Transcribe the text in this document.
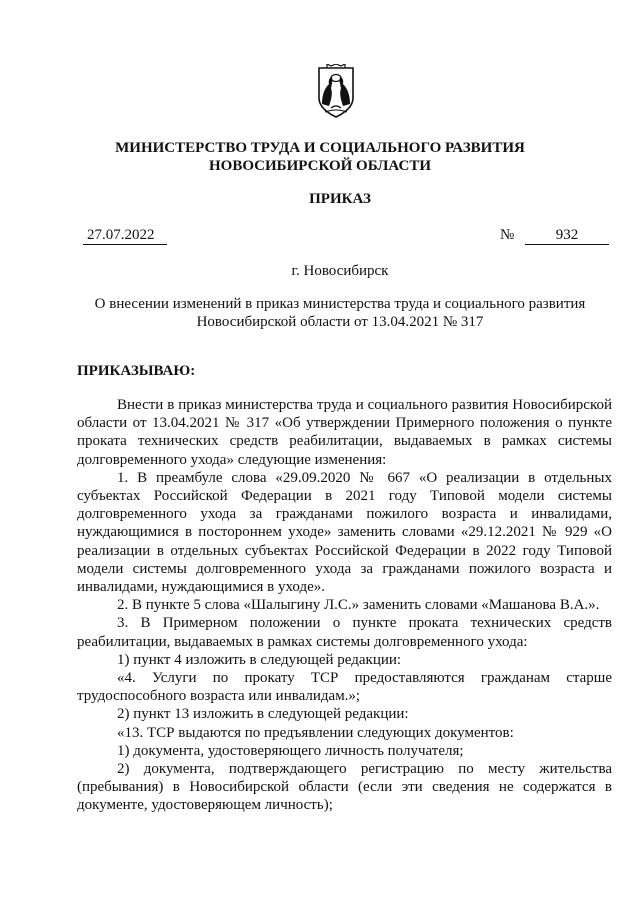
МИНИСТЕРСТВО ТРУДА И СОЦИАЛЬНОГО РАЗВИТИЯ
НОВОСИБИРСКОЙ ОБЛАСТИ
ПРИКАЗ
27.07.2022	№	932
г. Новосибирск
О внесении изменений в приказ министерства труда и социального развития
Новосибирской области от 13.04.2021 № 317
ПРИКАЗЫВАЮ:

Внести в приказ министерства труда и социального развития Новосибирской области от 13.04.2021 № 317 «Об утверждении Примерного положения о пункте проката технических средств реабилитации, выдаваемых в рамках системы долговременного ухода» следующие изменения:

1. В преамбуле слова «29.09.2020 № 667 «О реализации в отдельных субъектах Российской Федерации в 2021 году Типовой модели системы долговременного ухода за гражданами пожилого возраста и инвалидами, нуждающимися в постороннем уходе» заменить словами «29.12.2021 № 929 «О реализации в отдельных субъектах Российской Федерации в 2022 году Типовой модели системы долговременного ухода за гражданами пожилого возраста и инвалидами, нуждающимися в уходе».

2. В пункте 5 слова «Шалыгину Л.С.» заменить словами «Машанова В.А.».

3. В Примерном положении о пункте проката технических средств реабилитации, выдаваемых в рамках системы долговременного ухода:

1) пункт 4 изложить в следующей редакции:

«4. Услуги по прокату ТСР предоставляются гражданам старше трудоспособного возраста или инвалидам.»;

2) пункт 13 изложить в следующей редакции:

«13. ТСР выдаются по предъявлении следующих документов:

1) документа, удостоверяющего личность получателя;

2) документа, подтверждающего регистрацию по месту жительства (пребывания) в Новосибирской области (если эти сведения не содержатся в документе, удостоверяющем личность);
